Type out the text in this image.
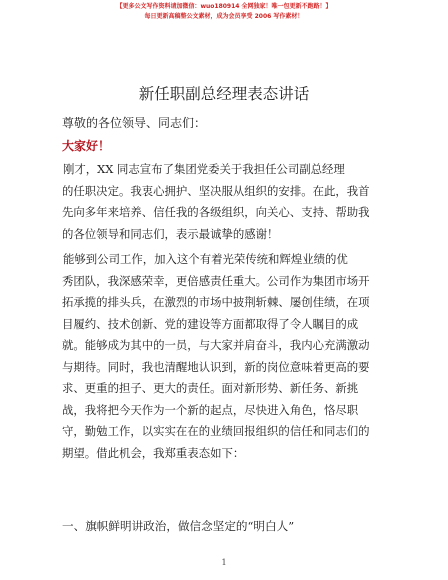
【更多公文写作资料请加微信：wuo180914 全网独家！唯一包更新不跑路！】
每日更新高稿整公文素材，成为会员享受 2006 写作素材！
新任职副总经理表态讲话
尊敬的各位领导、同志们：
大家好！
刚才，XX 同志宣布了集团党委关于我担任公司副总经理
的任职决定。我衷心拥护、坚决服从组织的安排。在此，我首
先向多年来培养、信任我的各级组织，向关心、支持、帮助我
的各位领导和同志们，表示最诚挚的感谢！
能够到公司工作，加入这个有着光荣传统和辉煌业绩的优
秀团队，我深感荣幸，更倍感责任重大。公司作为集团市场开
拓承揽的排头兵，在激烈的市场中披荆斩棘、屡创佳绩，在项
目履约、技术创新、党的建设等方面都取得了令人瞩目的成
就。能够成为其中的一员，与大家并肩奋斗，我内心充满激动
与期待。同时，我也清醒地认识到，新的岗位意味着更高的要
求、更重的担子、更大的责任。面对新形势、新任务、新挑
战，我将把今天作为一个新的起点，尽快进入角色，恪尽职
守，勤勉工作，以实实在在的业绩回报组织的信任和同志们的
期望。借此机会，我郑重表态如下：
一、旗帜鲜明讲政治，做信念坚定的“明白人”
1
